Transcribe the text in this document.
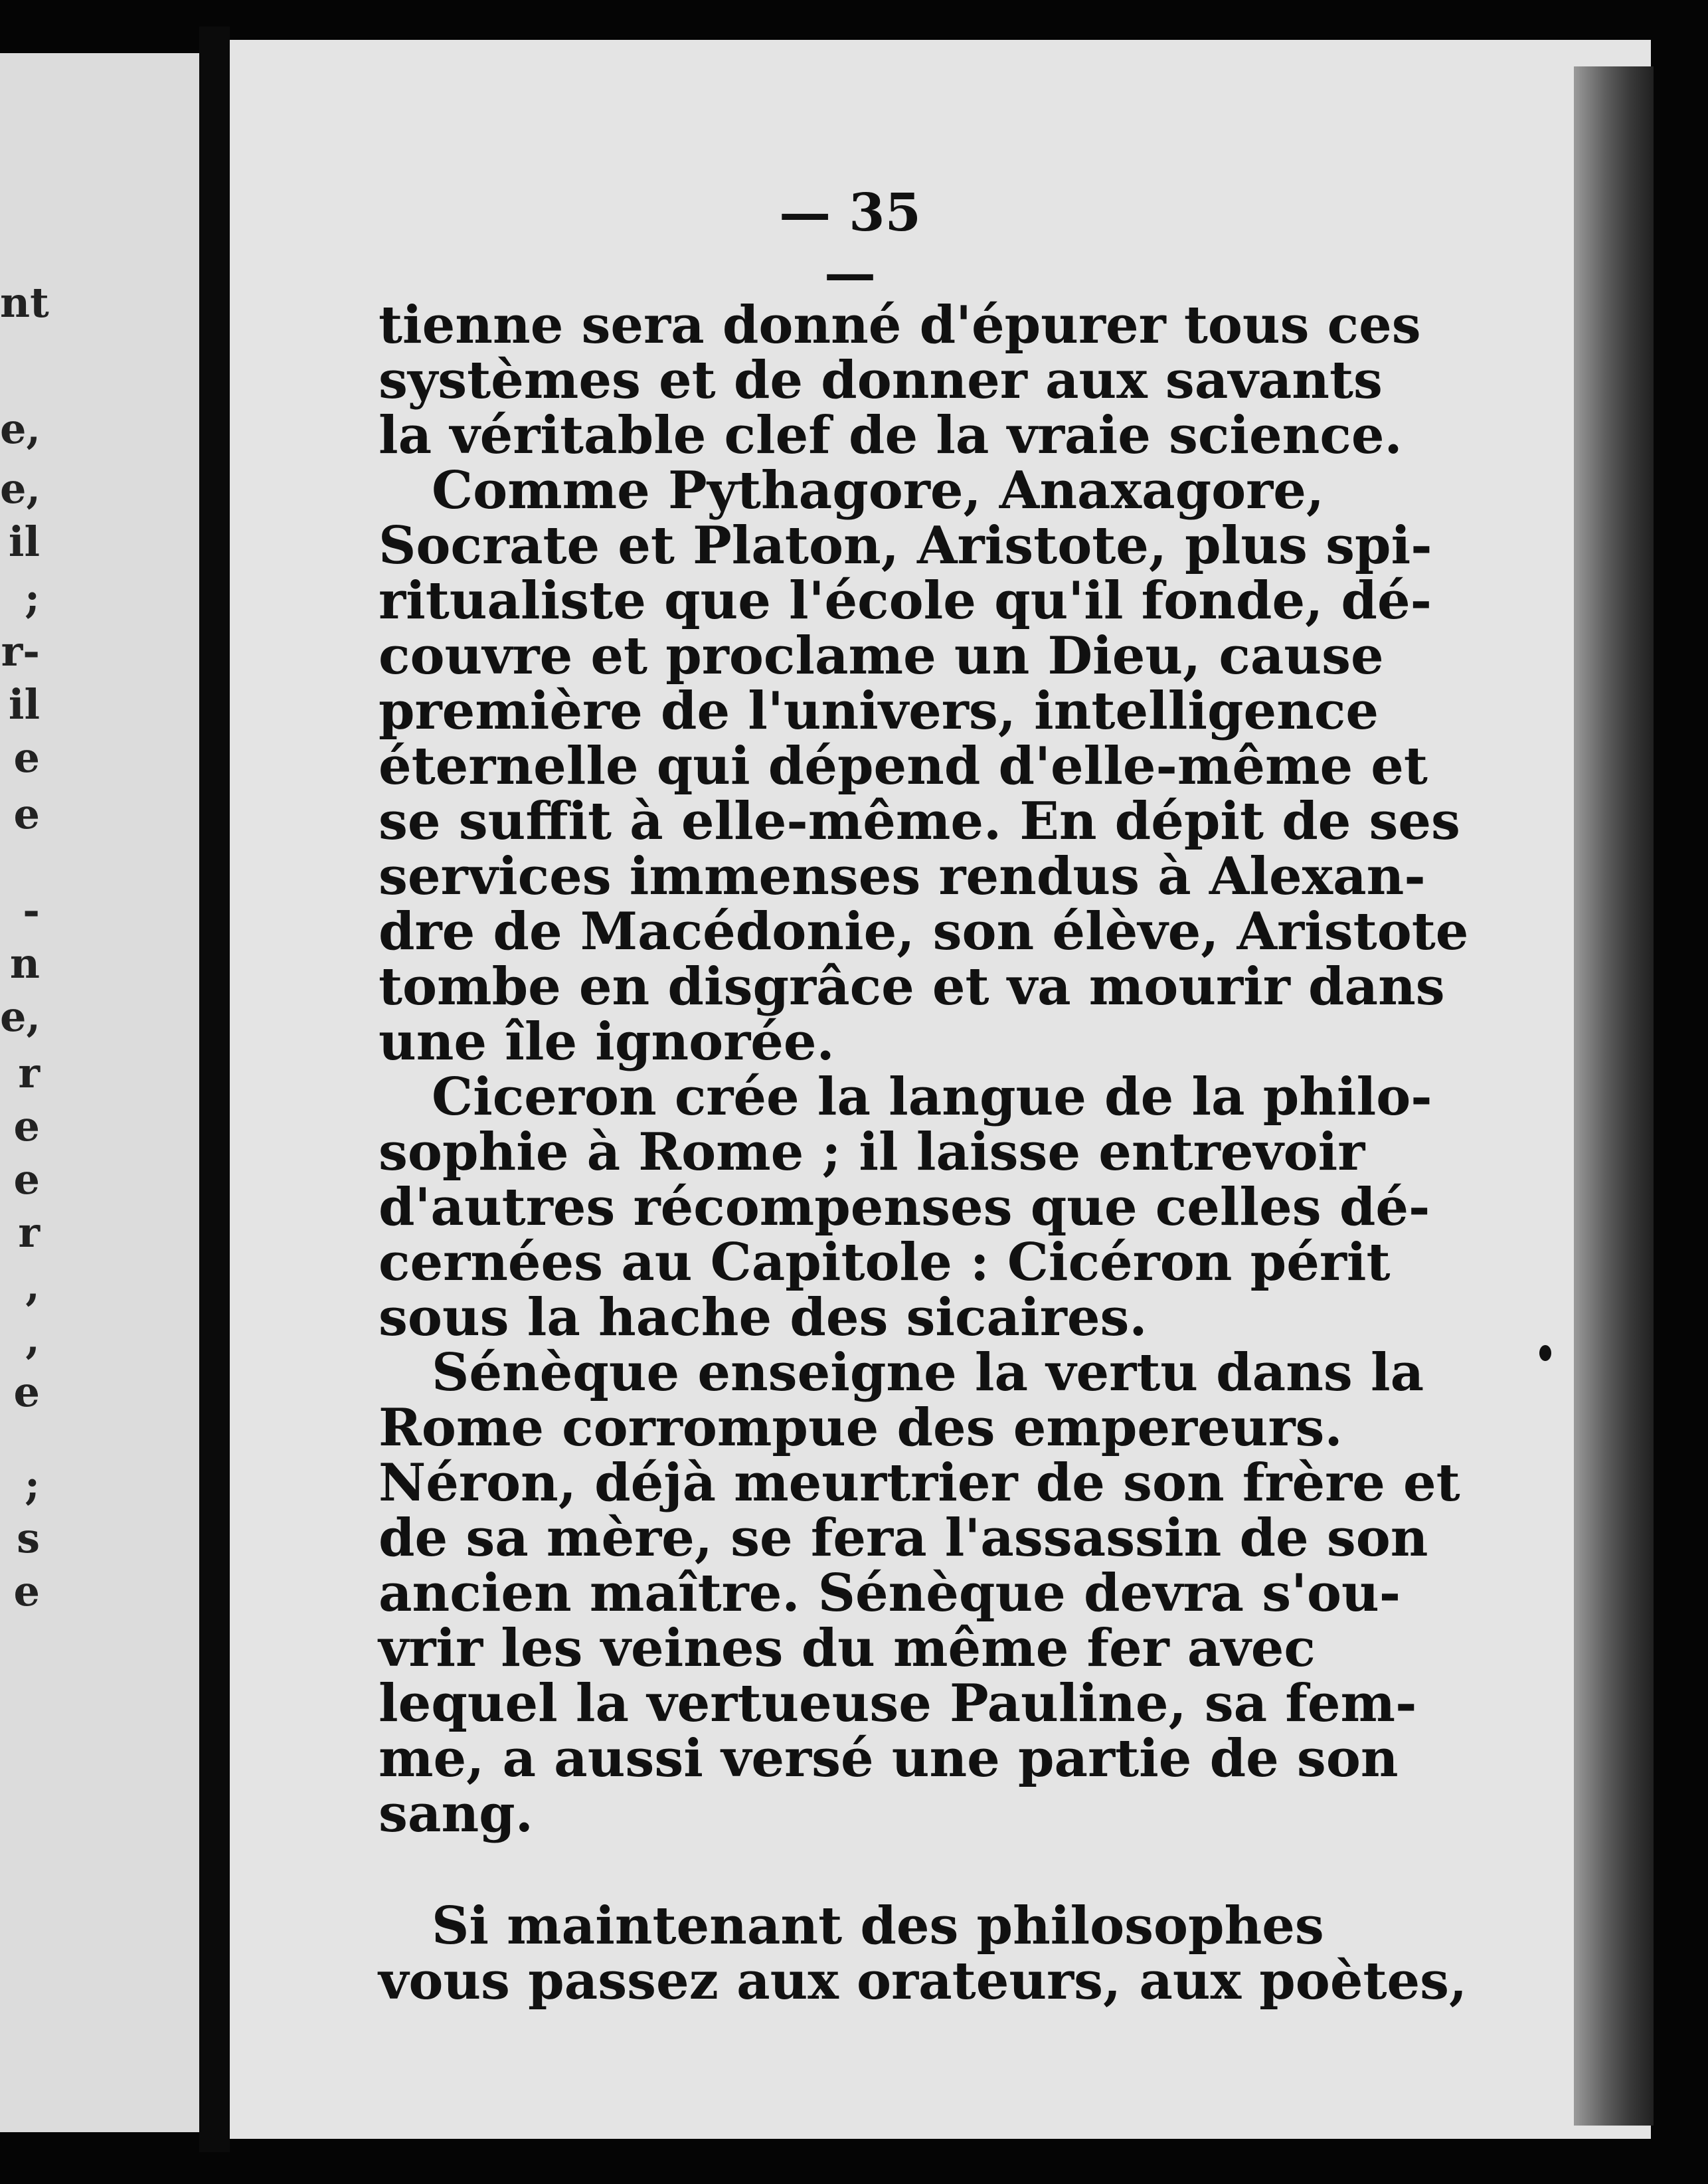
nt
e,
e,
il
;
r-
il
e
e
-
n
e,
r
e
e
r
,
,
e
;
s
e
— 35 —
tienne sera donné d'épurer tous ces
systèmes et de donner aux savants
la véritable clef de la vraie science.
Comme Pythagore, Anaxagore,
Socrate et Platon, Aristote, plus spi-
ritualiste que l'école qu'il fonde, dé-
couvre et proclame un Dieu, cause
première de l'univers, intelligence
éternelle qui dépend d'elle-même et
se suffit à elle-même. En dépit de ses
services immenses rendus à Alexan-
dre de Macédonie, son élève, Aristote
tombe en disgrâce et va mourir dans
une île ignorée.
Ciceron crée la langue de la philo-
sophie à Rome ; il laisse entrevoir
d'autres récompenses que celles dé-
cernées au Capitole : Cicéron périt
sous la hache des sicaires.
Sénèque enseigne la vertu dans la
Rome corrompue des empereurs.
Néron, déjà meurtrier de son frère et
de sa mère, se fera l'assassin de son
ancien maître. Sénèque devra s'ou-
vrir les veines du même fer avec
lequel la vertueuse Pauline, sa fem-
me, a aussi versé une partie de son
sang.
Si maintenant des philosophes
vous passez aux orateurs, aux poètes,
